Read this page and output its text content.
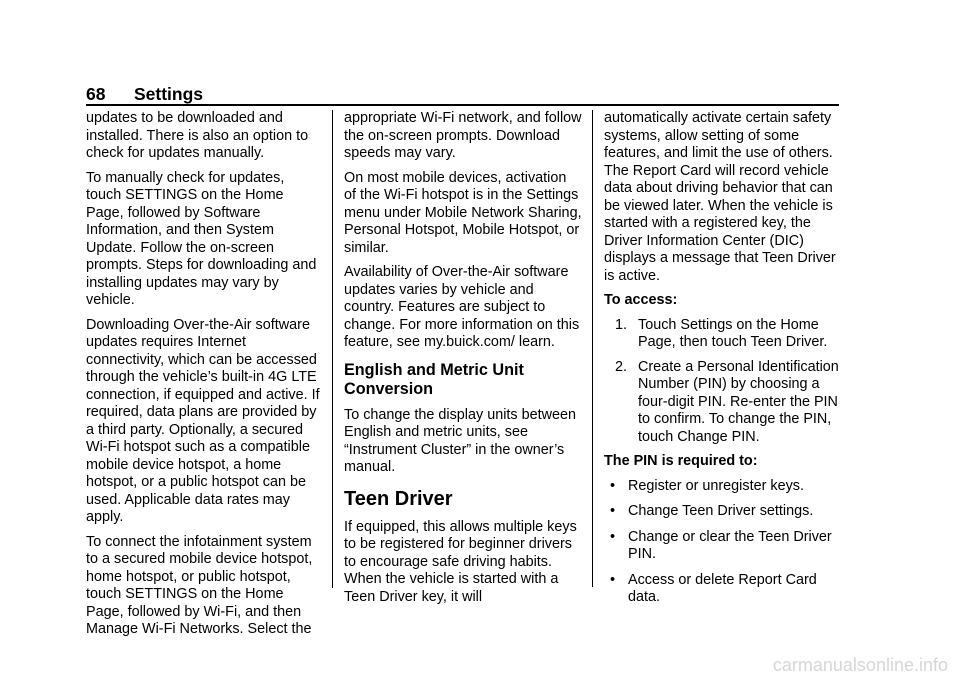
68 Settings

updates to be downloaded and installed. There is also an option to check for updates manually.

To manually check for updates, touch SETTINGS on the Home Page, followed by Software Information, and then System Update. Follow the on-screen prompts. Steps for downloading and installing updates may vary by vehicle.

Downloading Over-the-Air software updates requires Internet connectivity, which can be accessed through the vehicle’s built-in 4G LTE connection, if equipped and active. If required, data plans are provided by a third party. Optionally, a secured Wi-Fi hotspot such as a compatible mobile device hotspot, a home hotspot, or a public hotspot can be used. Applicable data rates may apply.

To connect the infotainment system to a secured mobile device hotspot, home hotspot, or public hotspot, touch SETTINGS on the Home Page, followed by Wi-Fi, and then Manage Wi-Fi Networks. Select the

appropriate Wi-Fi network, and follow the on-screen prompts. Download speeds may vary.

On most mobile devices, activation of the Wi-Fi hotspot is in the Settings menu under Mobile Network Sharing, Personal Hotspot, Mobile Hotspot, or similar.

Availability of Over-the-Air software updates varies by vehicle and country. Features are subject to change. For more information on this feature, see my.buick.com/ learn.

English and Metric Unit Conversion

To change the display units between English and metric units, see “Instrument Cluster” in the owner’s manual.

Teen Driver

If equipped, this allows multiple keys to be registered for beginner drivers to encourage safe driving habits. When the vehicle is started with a Teen Driver key, it will

automatically activate certain safety systems, allow setting of some features, and limit the use of others. The Report Card will record vehicle data about driving behavior that can be viewed later. When the vehicle is started with a registered key, the Driver Information Center (DIC) displays a message that Teen Driver is active.

To access:
1. Touch Settings on the Home Page, then touch Teen Driver.
2. Create a Personal Identification Number (PIN) by choosing a four-digit PIN. Re-enter the PIN to confirm. To change the PIN, touch Change PIN.
The PIN is required to:
• Register or unregister keys.
• Change Teen Driver settings.
• Change or clear the Teen Driver PIN.
• Access or delete Report Card data.
carmanualsonline.info
